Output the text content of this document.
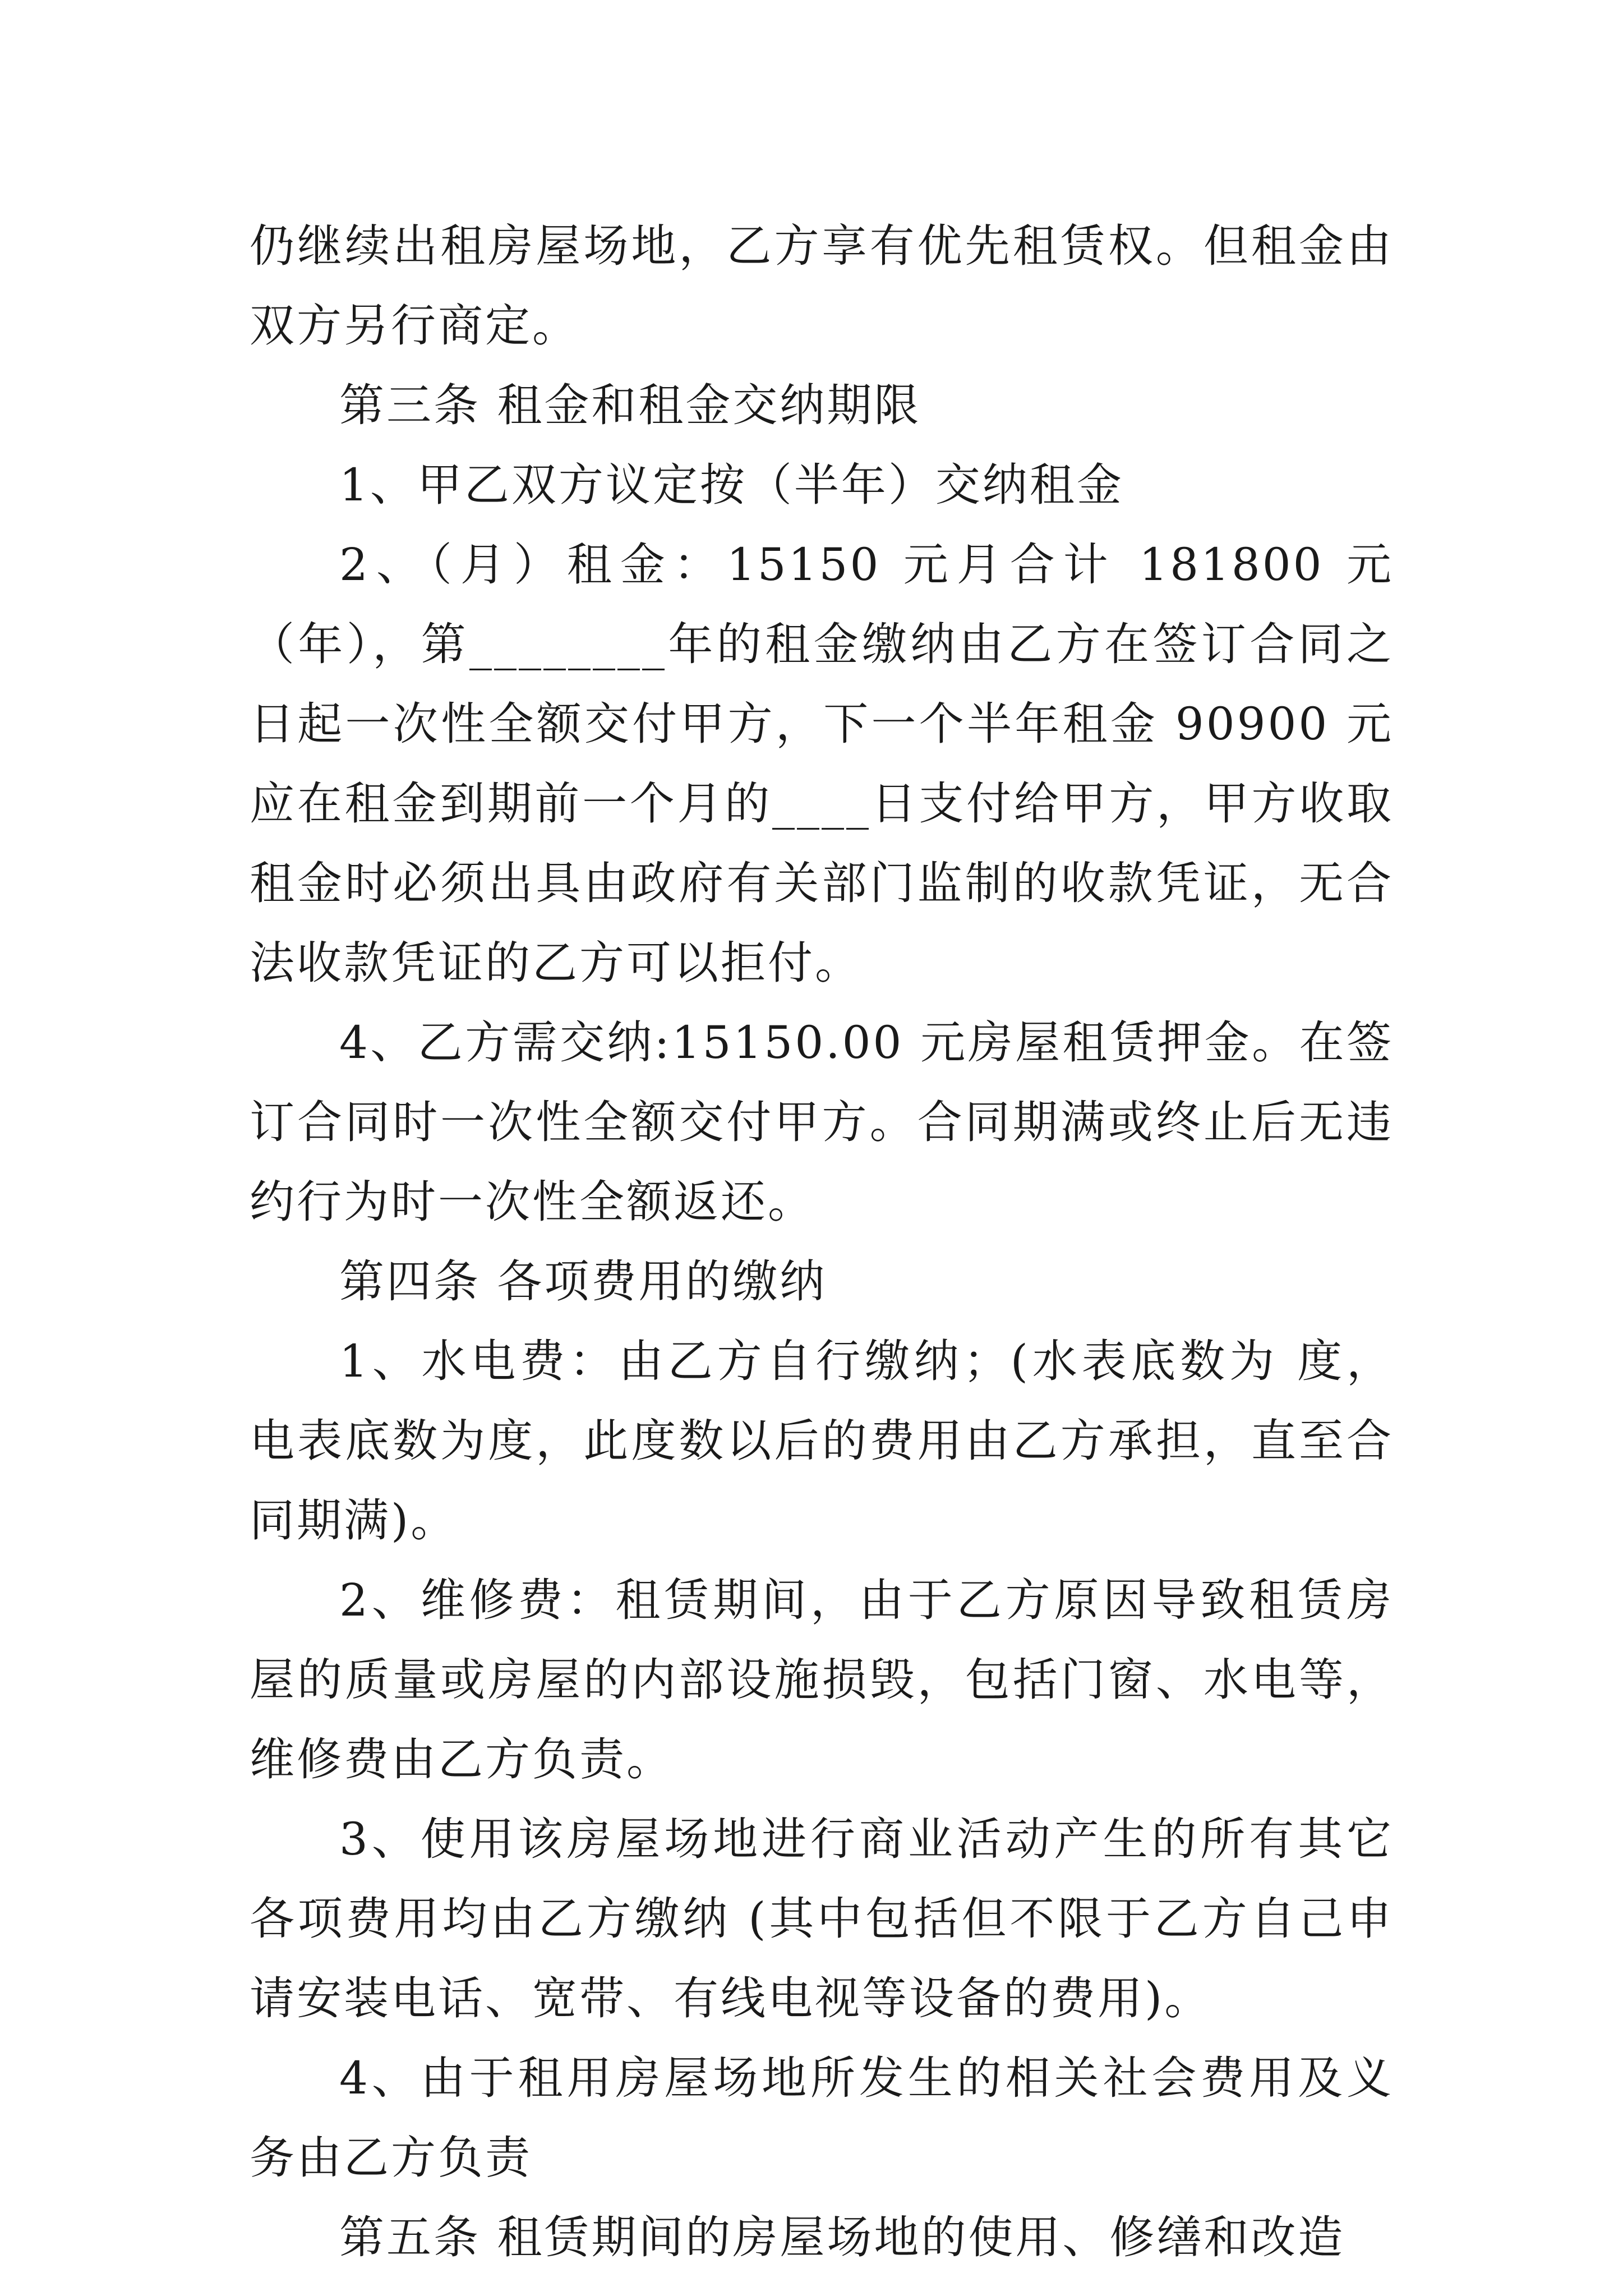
仍继续出租房屋场地，乙方享有优先租赁权。但租金由双方另行商定。

第三条 租金和租金交纳期限

1、甲乙双方议定按（半年）交纳租金

2、（月）租金：15150 元月合计 181800 元（年），第________年的租金缴纳由乙方在签订合同之日起一次性全额交付甲方，下一个半年租金 90900 元应在租金到期前一个月的____日支付给甲方，甲方收取租金时必须出具由政府有关部门监制的收款凭证，无合法收款凭证的乙方可以拒付。

4、乙方需交纳:15150.00 元房屋租赁押金。在签订合同时一次性全额交付甲方。合同期满或终止后无违约行为时一次性全额返还。

第四条 各项费用的缴纳

1、水电费：由乙方自行缴纳；(水表底数为 度，电表底数为度，此度数以后的费用由乙方承担，直至合同期满)。

2、维修费：租赁期间，由于乙方原因导致租赁房屋的质量或房屋的内部设施损毁，包括门窗、水电等，维修费由乙方负责。

3、使用该房屋场地进行商业活动产生的所有其它各项费用均由乙方缴纳 (其中包括但不限于乙方自己申请安装电话、宽带、有线电视等设备的费用)。

4、由于租用房屋场地所发生的相关社会费用及义务由乙方负责

第五条 租赁期间的房屋场地的使用、修缮和改造
